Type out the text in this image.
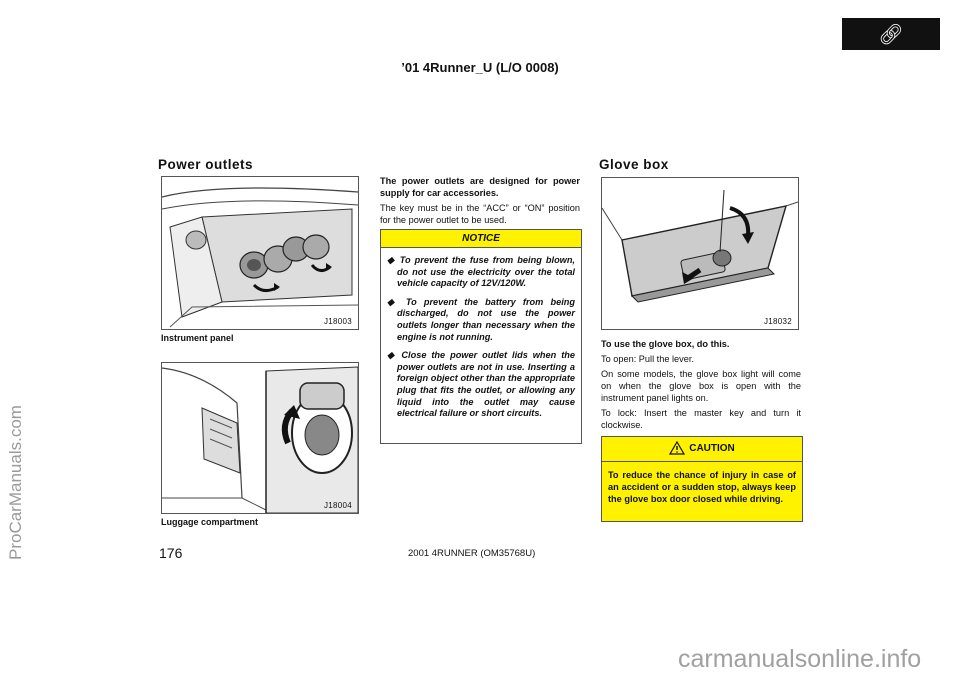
🔗︎
’01 4Runner_U (L/O 0008)
ProCarManuals.com
Power outlets
J18003
Instrument panel
J18004
Luggage compartment
The power outlets are designed for power supply for car accessories.
The key must be in the “ACC” or “ON” position for the power outlet to be used.
NOTICE
◆ To prevent the fuse from being blown, do not use the electricity over the total vehicle capacity of 12V/120W.
◆ To prevent the battery from being discharged, do not use the power outlets longer than necessary when the engine is not running.
◆ Close the power outlet lids when the power outlets are not in use. Inserting a foreign object other than the appropriate plug that fits the outlet, or allowing any liquid into the outlet may cause electrical failure or short circuits.
Glove box
J18032
To use the glove box, do this.
To open: Pull the lever.
On some models, the glove box light will come on when the glove box is open with the instrument panel lights on.
To lock: Insert the master key and turn it clockwise.
CAUTION
To reduce the chance of injury in case of an accident or a sudden stop, always keep the glove box door closed while driving.
176	2001 4RUNNER (OM35768U)
carmanualsonline.info
